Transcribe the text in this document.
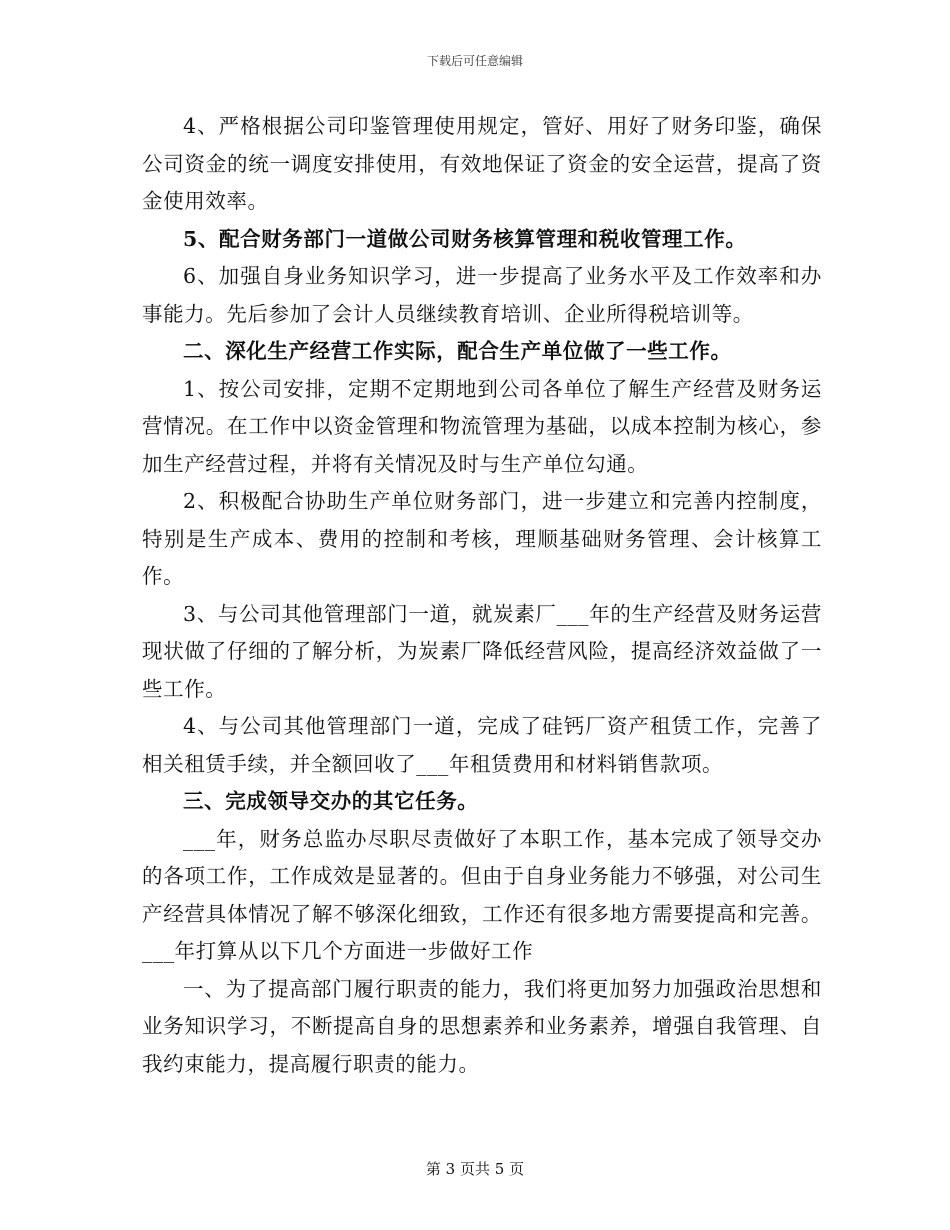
下载后可任意编辑

4、严格根据公司印鉴管理使用规定，管好、用好了财务印鉴，确保公司资金的统一调度安排使用，有效地保证了资金的安全运营，提高了资金使用效率。

5、配合财务部门一道做公司财务核算管理和税收管理工作。

6、加强自身业务知识学习，进一步提高了业务水平及工作效率和办事能力。先后参加了会计人员继续教育培训、企业所得税培训等。

二、深化生产经营工作实际，配合生产单位做了一些工作。

1、按公司安排，定期不定期地到公司各单位了解生产经营及财务运营情况。在工作中以资金管理和物流管理为基础，以成本控制为核心，参加生产经营过程，并将有关情况及时与生产单位勾通。

2、积极配合协助生产单位财务部门，进一步建立和完善内控制度，特别是生产成本、费用的控制和考核，理顺基础财务管理、会计核算工作。

3、与公司其他管理部门一道，就炭素厂___年的生产经营及财务运营现状做了仔细的了解分析，为炭素厂降低经营风险，提高经济效益做了一些工作。

4、与公司其他管理部门一道，完成了硅钙厂资产租赁工作，完善了相关租赁手续，并全额回收了___年租赁费用和材料销售款项。

三、完成领导交办的其它任务。

___年，财务总监办尽职尽责做好了本职工作，基本完成了领导交办的各项工作，工作成效是显著的。但由于自身业务能力不够强，对公司生产经营具体情况了解不够深化细致，工作还有很多地方需要提高和完善。___年打算从以下几个方面进一步做好工作

一、为了提高部门履行职责的能力，我们将更加努力加强政治思想和业务知识学习，不断提高自身的思想素养和业务素养，增强自我管理、自我约束能力，提高履行职责的能力。

第 3 页共 5 页
